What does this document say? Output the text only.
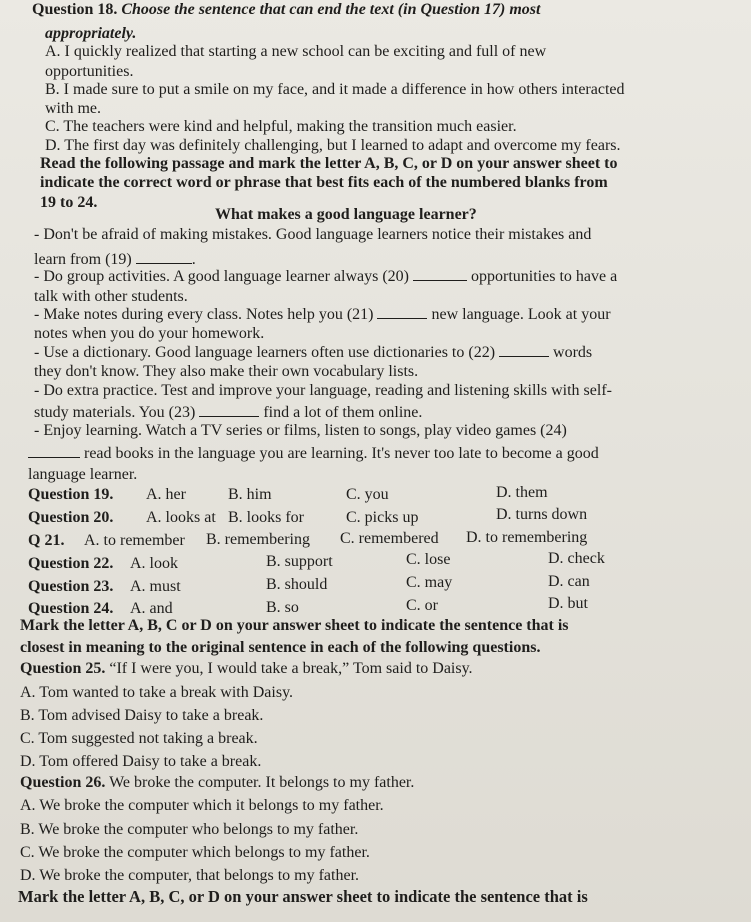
Question 18. Choose the sentence that can end the text (in Question 17) most
appropriately.
A. I quickly realized that starting a new school can be exciting and full of new
opportunities.
B. I made sure to put a smile on my face, and it made a difference in how others interacted
with me.
C. The teachers were kind and helpful, making the transition much easier.
D. The first day was definitely challenging, but I learned to adapt and overcome my fears.
Read the following passage and mark the letter A, B, C, or D on your answer sheet to
indicate the correct word or phrase that best fits each of the numbered blanks from
19 to 24.
What makes a good language learner?
- Don't be afraid of making mistakes. Good language learners notice their mistakes and
learn from (19)	.
- Do group activities. A good language learner always (20)	opportunities to have a
talk with other students.
- Make notes during every class. Notes help you (21)	new language. Look at your
notes when you do your homework.
- Use a dictionary. Good language learners often use dictionaries to (22)	words
they don't know. They also make their own vocabulary lists.
- Do extra practice. Test and improve your language, reading and listening skills with self-
study materials. You (23)	find a lot of them online.
- Enjoy learning. Watch a TV series or films, listen to songs, play video games (24)
read books in the language you are learning. It's never too late to become a good
language learner.
Question 19. A. her	B. him	C. you	D. them
Question 20. A. looks at B. looks for	C. picks up	D. turns down
Q 21. A. to remember B. remembering C. remembered D. to remembering
Question 22. A. look	B. support	C. lose	D. check
Question 23. A. must	B. should	C. may	D. can
Question 24. A. and	B. so	C. or	D. but
Mark the letter A, B, C or D on your answer sheet to indicate the sentence that is
closest in meaning to the original sentence in each of the following questions.
Question 25. “If I were you, I would take a break,” Tom said to Daisy.
A. Tom wanted to take a break with Daisy.
B. Tom advised Daisy to take a break.
C. Tom suggested not taking a break.
D. Tom offered Daisy to take a break.
Question 26. We broke the computer. It belongs to my father.
A. We broke the computer which it belongs to my father.
B. We broke the computer who belongs to my father.
C. We broke the computer which belongs to my father.
D. We broke the computer, that belongs to my father.
Mark the letter A, B, C, or D on your answer sheet to indicate the sentence that is
